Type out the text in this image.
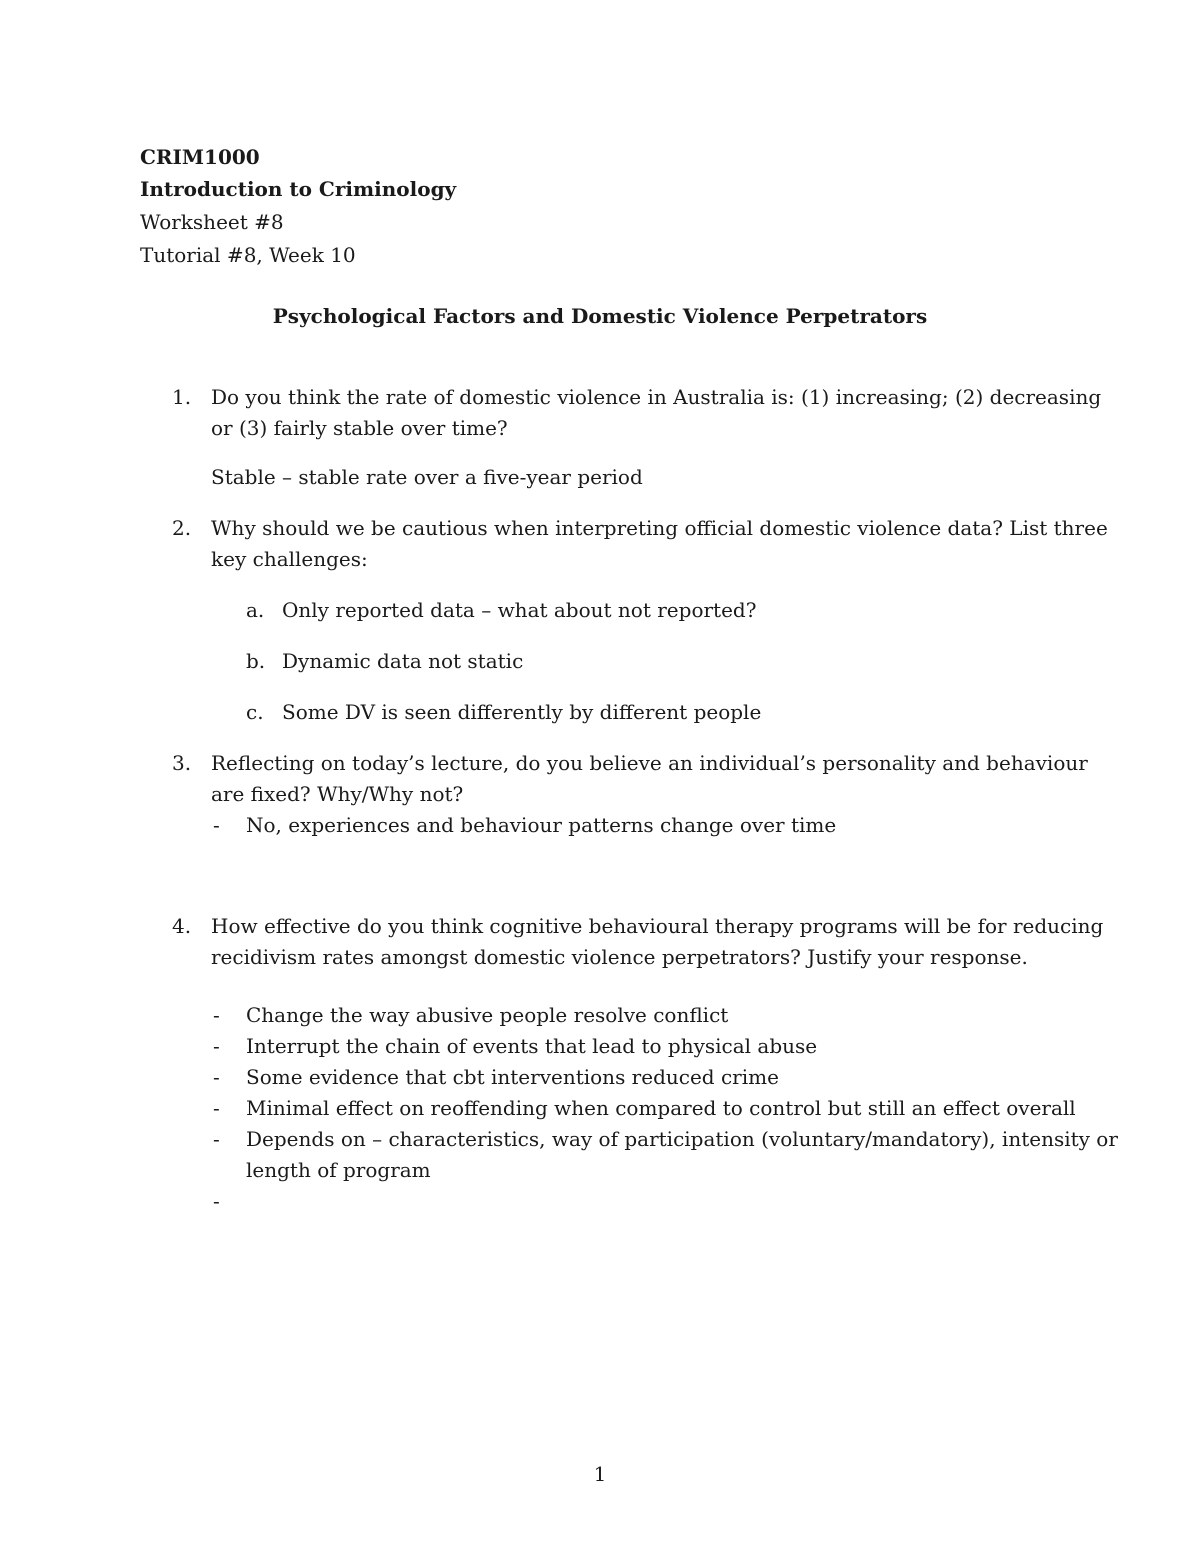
CRIM1000
Introduction to Criminology
Worksheet #8
Tutorial #8, Week 10
Psychological Factors and Domestic Violence Perpetrators
1. Do you think the rate of domestic violence in Australia is: (1) increasing; (2) decreasing
or (3) fairly stable over time?
Stable – stable rate over a five-year period
2. Why should we be cautious when interpreting official domestic violence data? List three
key challenges:
a. Only reported data – what about not reported?
b. Dynamic data not static
c. Some DV is seen differently by different people
3. Reflecting on today’s lecture, do you believe an individual’s personality and behaviour
are fixed? Why/Why not?
- No, experiences and behaviour patterns change over time
4. How effective do you think cognitive behavioural therapy programs will be for reducing
recidivism rates amongst domestic violence perpetrators? Justify your response.
- Change the way abusive people resolve conflict
- Interrupt the chain of events that lead to physical abuse
- Some evidence that cbt interventions reduced crime
- Minimal effect on reoffending when compared to control but still an effect overall
- Depends on – characteristics, way of participation (voluntary/mandatory), intensity or
length of program
-
1
